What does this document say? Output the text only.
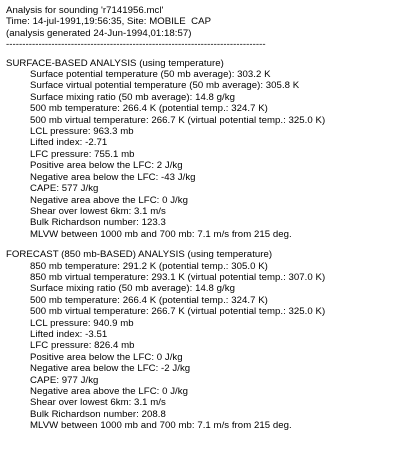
Analysis for sounding 'r7141956.mcl'
Time: 14-jul-1991,19:56:35, Site: MOBILE  CAP
(analysis generated 24-Jun-1994,01:18:57)
--------------------------------------------------------------------------------
SURFACE-BASED ANALYSIS (using temperature)
Surface potential temperature (50 mb average): 303.2 K
Surface virtual potential temperature (50 mb average): 305.8 K
Surface mixing ratio (50 mb average): 14.8 g/kg
500 mb temperature: 266.4 K (potential temp.: 324.7 K)
500 mb virtual temperature: 266.7 K (virtual potential temp.: 325.0 K)
LCL pressure: 963.3 mb
Lifted index: -2.71
LFC pressure: 755.1 mb
Positive area below the LFC: 2 J/kg
Negative area below the LFC: -43 J/kg
CAPE: 577 J/kg
Negative area above the LFC: 0 J/kg
Shear over lowest 6km: 3.1 m/s
Bulk Richardson number: 123.3
MLVW between 1000 mb and 700 mb: 7.1 m/s from 215 deg.
FORECAST (850 mb-BASED) ANALYSIS (using temperature)
850 mb temperature: 291.2 K (potential temp.: 305.0 K)
850 mb virtual temperature: 293.1 K (virtual potential temp.: 307.0 K)
Surface mixing ratio (50 mb average): 14.8 g/kg
500 mb temperature: 266.4 K (potential temp.: 324.7 K)
500 mb virtual temperature: 266.7 K (virtual potential temp.: 325.0 K)
LCL pressure: 940.9 mb
Lifted index: -3.51
LFC pressure: 826.4 mb
Positive area below the LFC: 0 J/kg
Negative area below the LFC: -2 J/kg
CAPE: 977 J/kg
Negative area above the LFC: 0 J/kg
Shear over lowest 6km: 3.1 m/s
Bulk Richardson number: 208.8
MLVW between 1000 mb and 700 mb: 7.1 m/s from 215 deg.
